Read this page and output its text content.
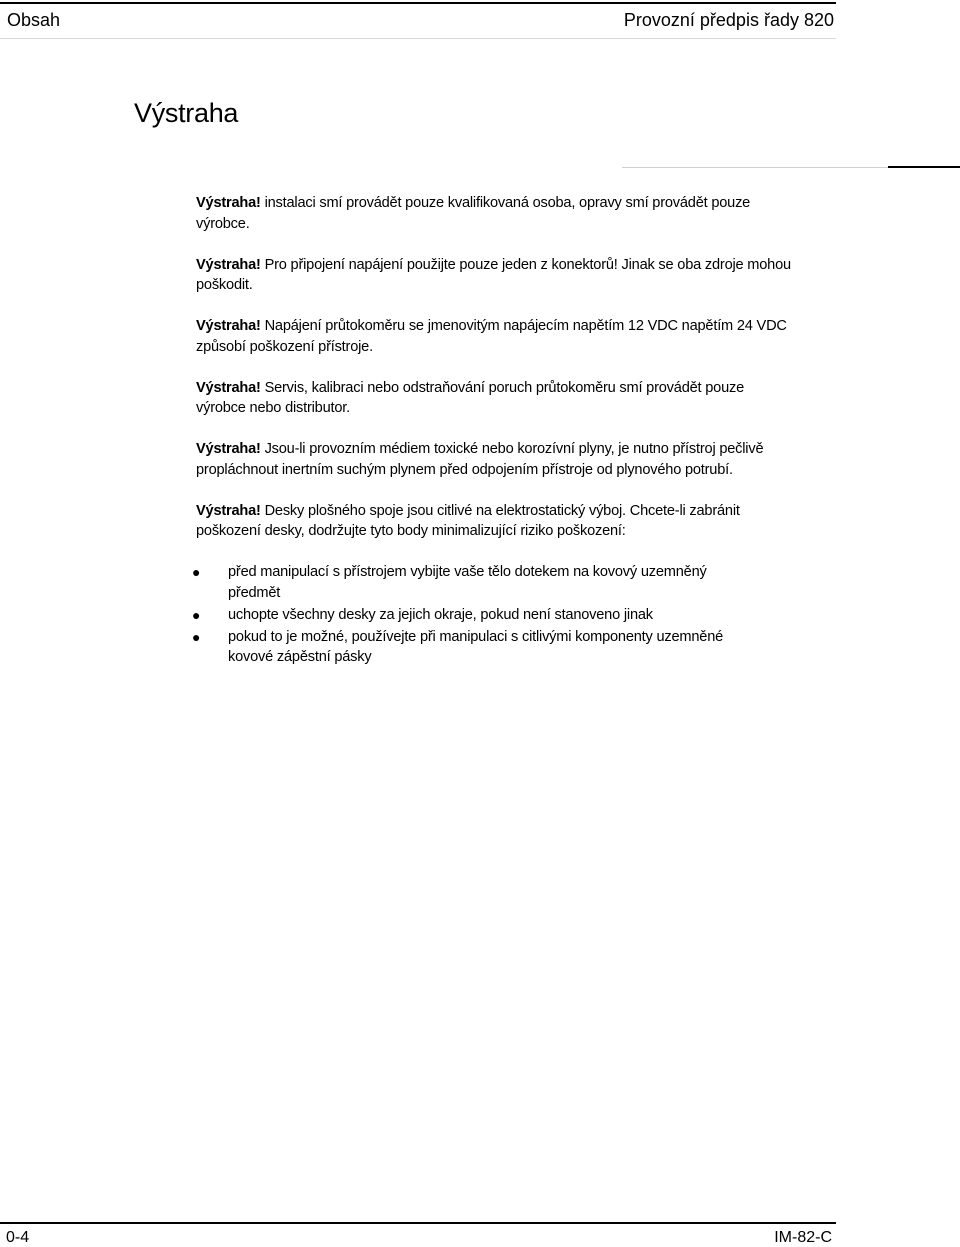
Obsah	Provozní předpis řady 820
Výstraha

Výstraha! instalaci smí provádět pouze kvalifikovaná osoba, opravy smí provádět pouze výrobce.

Výstraha! Pro připojení napájení použijte pouze jeden z konektorů! Jinak se oba zdroje mohou poškodit.

Výstraha! Napájení průtokoměru se jmenovitým napájecím napětím 12 VDC napětím 24 VDC způsobí poškození přístroje.

Výstraha! Servis, kalibraci nebo odstraňování poruch průtokoměru smí provádět pouze výrobce nebo distributor.

Výstraha! Jsou-li provozním médiem toxické nebo korozívní plyny, je nutno přístroj pečlivě propláchnout inertním suchým plynem před odpojením přístroje od plynového potrubí.

Výstraha! Desky plošného spoje jsou citlivé na elektrostatický výboj. Chcete-li zabránit poškození desky, dodržujte tyto body minimalizující riziko poškození:

● před manipulací s přístrojem vybijte vaše tělo dotekem na kovový uzemněný předmět
● uchopte všechny desky za jejich okraje, pokud není stanoveno jinak
● pokud to je možné, používejte při manipulaci s citlivými komponenty uzemněné kovové zápěstní pásky
0-4	IM-82-C
